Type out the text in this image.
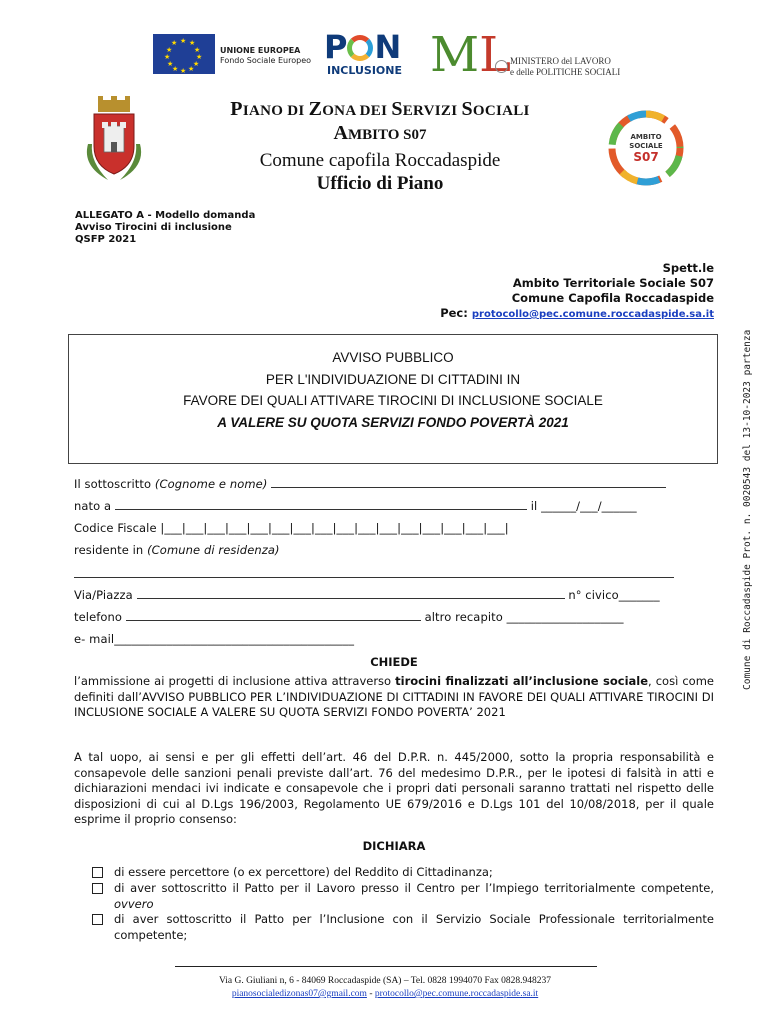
★ ★
★
★
★
★
★
★
★
★
★
★
UNIONE EUROPEA
Fondo Sociale Europeo P N
INCLUSIONE ML
MINISTERO del LAVORO
e delle POLITICHE SOCIALI
PIANO DI ZONA DEI SERVIZI SOCIALI
AMBITO S07
Comune capofila Roccadaspide
Ufficio di Piano
AMBITO
SOCIALE
S07
ALLEGATO A - Modello domanda
Avviso Tirocini di inclusione
QSFP 2021
Spett.le
Ambito Territoriale Sociale S07
Comune Capofila Roccadaspide
Pec: protocollo@pec.comune.roccadaspide.sa.it
Comune di Roccadaspide Prot. n. 0020543 del 13-10-2023 partenza
AVVISO PUBBLICO
PER L'INDIVIDUAZIONE DI CITTADINI IN
FAVORE DEI QUALI ATTIVARE TIROCINI DI INCLUSIONE SOCIALE
A VALERE SU QUOTA SERVIZI FONDO POVERTÀ 2021
Il sottoscritto (Cognome e nome)
nato a	il ______/___/______
Codice Fiscale |___|___|___|___|___|___|___|___|___|___|___|___|___|___|___|___|
residente in (Comune di residenza)
Via/Piazza	n° civico_______
telefono	altro recapito ____________________
e- mail_________________________________________
CHIEDE
l’ammissione ai progetti di inclusione attiva attraverso tirocini finalizzati all’inclusione sociale, così come definiti dall’AVVISO PUBBLICO PER L’INDIVIDUAZIONE DI CITTADINI IN FAVORE DEI QUALI ATTIVARE TIROCINI DI INCLUSIONE SOCIALE A VALERE SU QUOTA SERVIZI FONDO POVERTA’ 2021
A tal uopo, ai sensi e per gli effetti dell’art. 46 del D.P.R. n. 445/2000, sotto la propria responsabilità e consapevole delle sanzioni penali previste dall’art. 76 del medesimo D.P.R., per le ipotesi di falsità in atti e dichiarazioni mendaci ivi indicate e consapevole che i propri dati personali saranno trattati nel rispetto delle disposizioni di cui al D.Lgs 196/2003, Regolamento UE 679/2016 e D.Lgs 101 del 10/08/2018, per il quale esprime il proprio consenso:
DICHIARA
di essere percettore (o ex percettore) del Reddito di Cittadinanza;
di aver sottoscritto il Patto per il Lavoro presso il Centro per l’Impiego territorialmente competente, ovvero
di aver sottoscritto il Patto per l’Inclusione con il Servizio Sociale Professionale territorialmente competente;
Via G. Giuliani n, 6 - 84069 Roccadaspide (SA) – Tel. 0828 1994070 Fax 0828.948237
pianosocialedizonas07@gmail.com - protocollo@pec.comune.roccadaspide.sa.it
